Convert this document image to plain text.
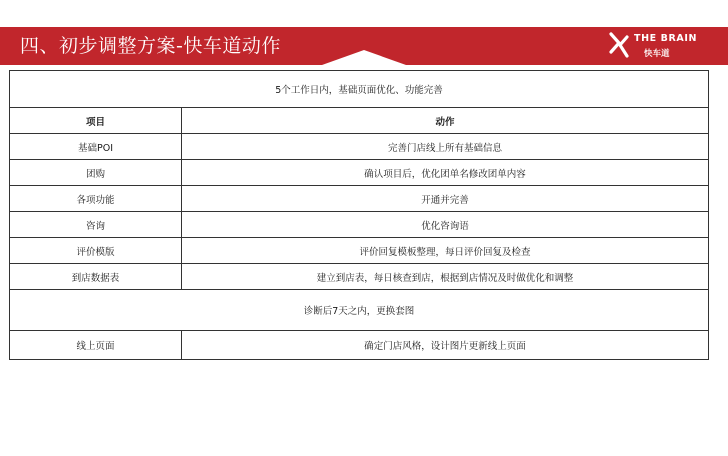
四、初步调整方案-快车道动作	THE BRAIN
快车道
5个工作日内，基础页面优化、功能完善	
项目	动作
基础POI	完善门店线上所有基础信息
团购	确认项目后，优化团单名修改团单内容
各项功能	开通并完善
咨询	优化咨询语
评价模版	评价回复模板整理，每日评价回复及检查
到店数据表	建立到店表，每日核查到店，根据到店情况及时做优化和调整
诊断后7天之内，更换套图	
线上页面	确定门店风格，设计图片更新线上页面
